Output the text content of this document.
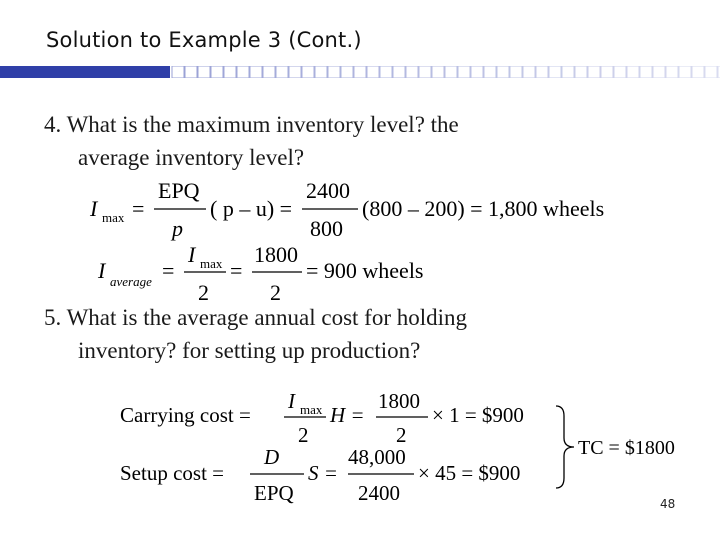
Solution to Example 3 (Cont.)
4. What is the maximum inventory level? the
average inventory level?
I max =
EPQ
p
( p – u) =
2400
800
(800 – 200) = 1,800 wheels
I average =
I max
2
=
1800
2
= 900 wheels
5. What is the average annual cost for holding
inventory? for setting up production?
Carrying cost =
I max
2
H =
1800
2
× 1 = $900
Setup cost =
D
EPQ
S =
48,000
2400
× 45 = $900
TC = $1800
48
